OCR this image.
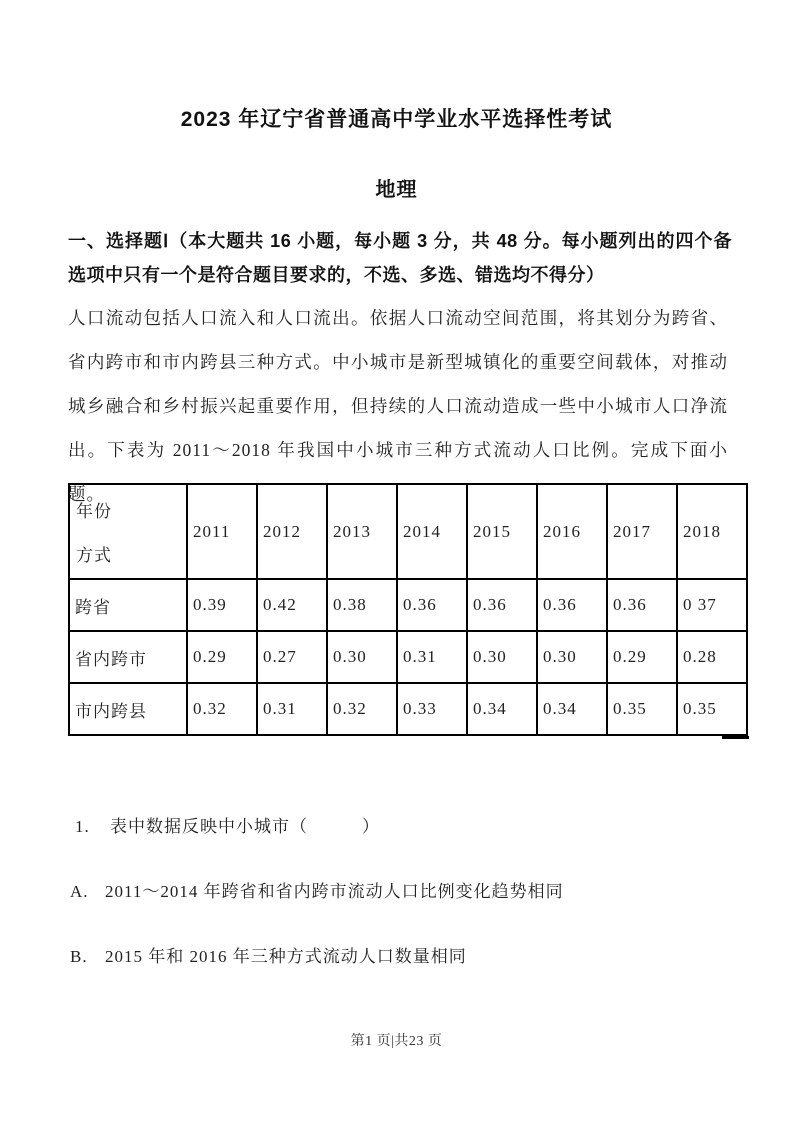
2023 年辽宁省普通高中学业水平选择性考试
地理
一、选择题Ⅰ（本大题共 16 小题，每小题 3 分，共 48 分。每小题列出的四个备选项中只有一个是符合题目要求的，不选、多选、错选均不得分）
人口流动包括人口流入和人口流出。依据人口流动空间范围，将其划分为跨省、省内跨市和市内跨县三种方式。中小城市是新型城镇化的重要空间载体，对推动城乡融合和乡村振兴起重要作用，但持续的人口流动造成一些中小城市人口净流出。下表为 2011～2018 年我国中小城市三种方式流动人口比例。完成下面小题。
年份
方式	2011	2012	2013	2014	2015	2016	2017	2018
跨省	0.39	0.42	0.38	0.36	0.36	0.36	0.36	0 37
省内跨市	0.29	0.27	0.30	0.31	0.30	0.30	0.29	0.28
市内跨县	0.32	0.31	0.32	0.33	0.34	0.34	0.35	0.35
1. 表中数据反映中小城市（　　　）
A. 2011～2014 年跨省和省内跨市流动人口比例变化趋势相同
B. 2015 年和 2016 年三种方式流动人口数量相同
第1 页|共23 页
